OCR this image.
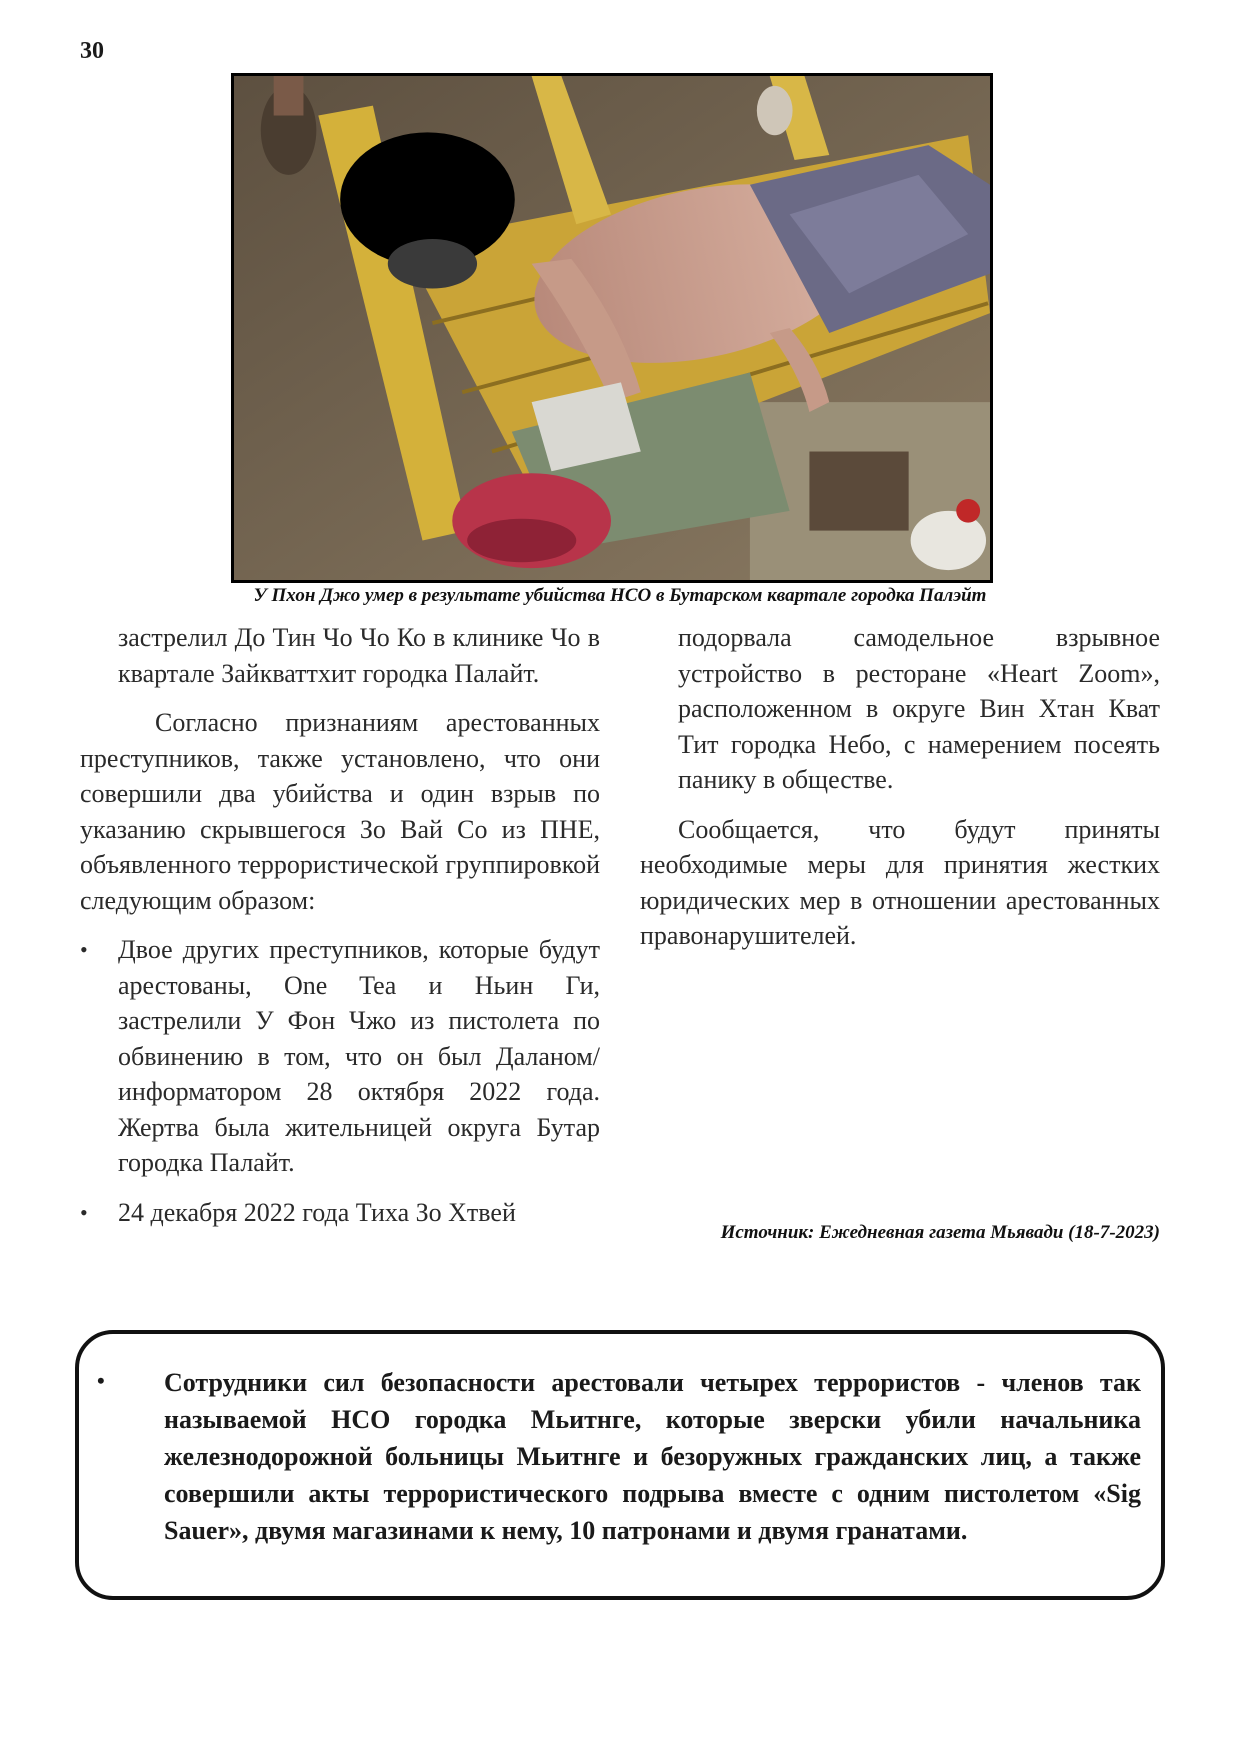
30
У Пхон Джо умер в результате убийства НСО в Бутарском квартале городка Палэйт

застрелил До Тин Чо Чо Ко в клинике Чо в квартале Зайкваттхит городка Палайт.

Согласно признаниям арестованных преступников, также установлено, что они совершили два убийства и один взрыв по указанию скрывшегося Зо Вай Со из ПНЕ, объявленного террористической группировкой следующим образом:

• Двое других преступников, которые будут арестованы, One Tea и Ньин Ги, застрелили У Фон Чжо из пистолета по обвинению в том, что он был Даланом/ информатором 28 октября 2022 года. Жертва была жительницей округа Бутар городка Палайт.
• 24 декабря 2022 года Тиха Зо Хтвей

подорвала самодельное взрывное устройство в ресторане «Heart Zoom», расположенном в округе Вин Хтан Кват Тит городка Небо, с намерением посеять панику в обществе.

Сообщается, что будут приняты необходимые меры для принятия жестких юридических мер в отношении арестованных правонарушителей.

Источник: Ежедневная газета Мьявади (18-7-2023)
•	Сотрудники сил безопасности арестовали четырех террористов - членов так называемой НСО городка Мьитнге, которые зверски убили начальника железнодорожной больницы Мьитнге и безоружных гражданских лиц, а также совершили акты террористического подрыва вместе с одним пистолетом «Sig Sauer», двумя магазинами к нему, 10 патронами и двумя гранатами.
